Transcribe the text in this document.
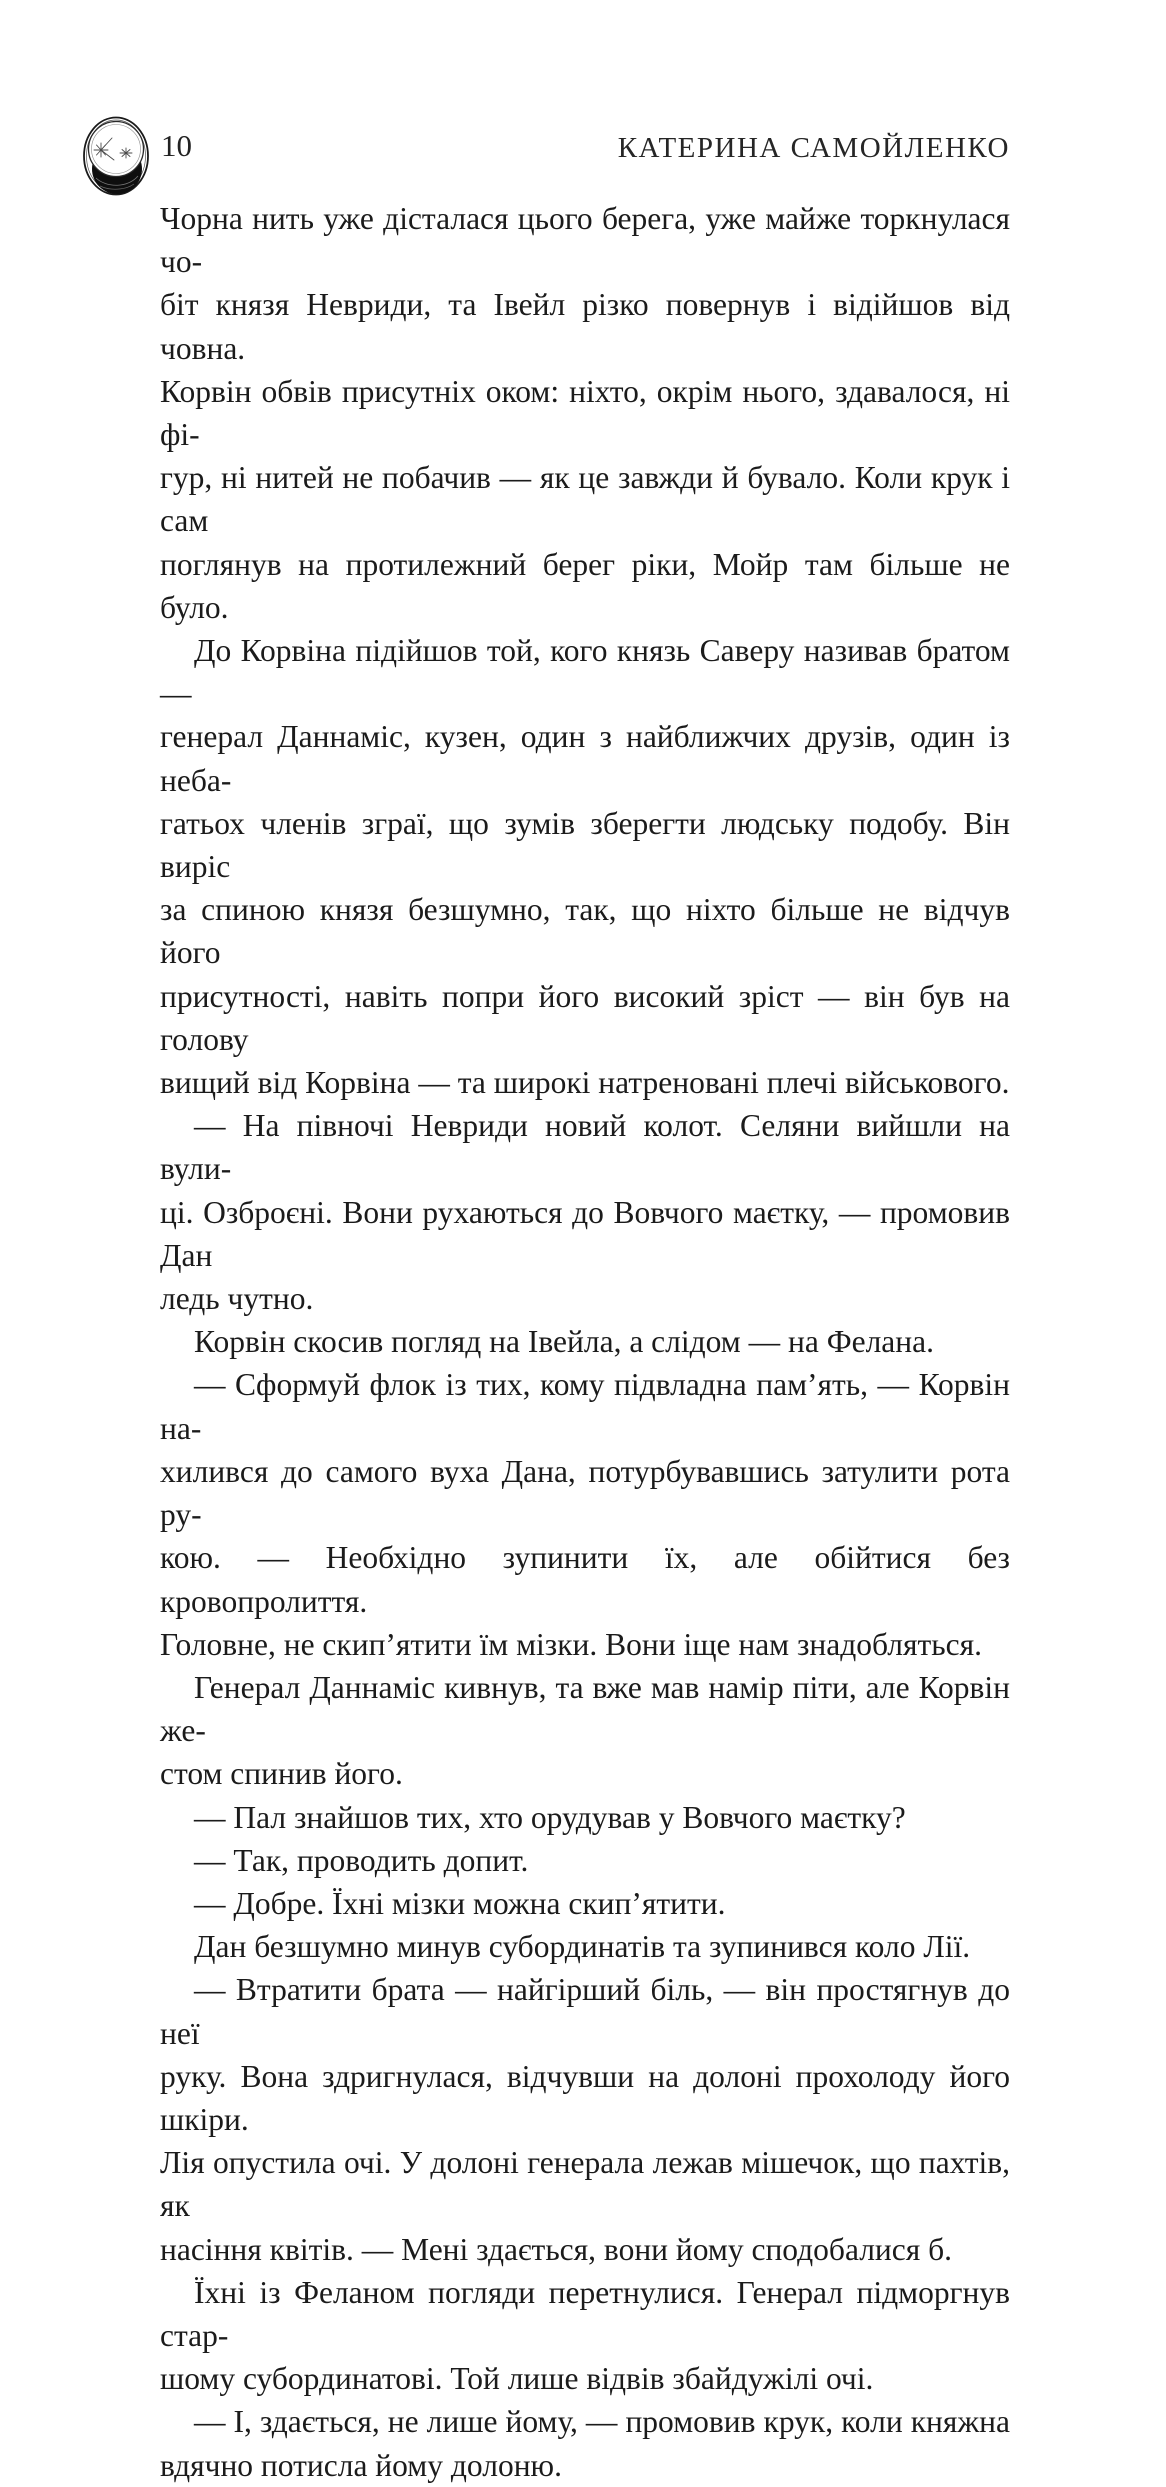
10	КАТЕРИНА САМОЙЛЕНКО
Чорна нить уже дісталася цього берега, уже майже торкнулася чо-
біт князя Невриди, та Івейл різко повернув і відійшов від човна.
Корвін обвів присутніх оком: ніхто, окрім нього, здавалося, ні фі-
гур, ні нитей не побачив — як це завжди й бувало. Коли крук і сам
поглянув на протилежний берег ріки, Мойр там більше не було.
До Корвіна підійшов той, кого князь Саверу називав братом —
генерал Даннаміс, кузен, один з найближчих друзів, один із неба-
гатьох членів зграї, що зумів зберегти людську подобу. Він виріс
за спиною князя безшумно, так, що ніхто більше не відчув його
присутності, навіть попри його високий зріст — він був на голову
вищий від Корвіна — та широкі натреновані плечі військового.
— На півночі Невриди новий колот. Селяни вийшли на вули-
ці. Озброєні. Вони рухаються до Вовчого маєтку, — промовив Дан
ледь чутно.
Корвін скосив погляд на Івейла, а слідом — на Фелана.
— Сформуй флок із тих, кому підвладна пам’ять, — Корвін на-
хилився до самого вуха Дана, потурбувавшись затулити рота ру-
кою. — Необхідно зупинити їх, але обійтися без кровопролиття.
Головне, не скип’ятити їм мізки. Вони іще нам знадобляться.
Генерал Даннаміс кивнув, та вже мав намір піти, але Корвін же-
стом спинив його.
— Пал знайшов тих, хто орудував у Вовчого маєтку?
— Так, проводить допит.
— Добре. Їхні мізки можна скип’ятити.
Дан безшумно минув субординатів та зупинився коло Лії.
— Втратити брата — найгірший біль, — він простягнув до неї
руку. Вона здригнулася, відчувши на долоні прохолоду його шкіри.
Лія опустила очі. У долоні генерала лежав мішечок, що пахтів, як
насіння квітів. — Мені здається, вони йому сподобалися б.
Їхні із Феланом погляди перетнулися. Генерал підморгнув стар-
шому субординатові. Той лише відвів збайдужілі очі.
— І, здається, не лише йому, — промовив крук, коли княжна
вдячно потисла йому долоню.
